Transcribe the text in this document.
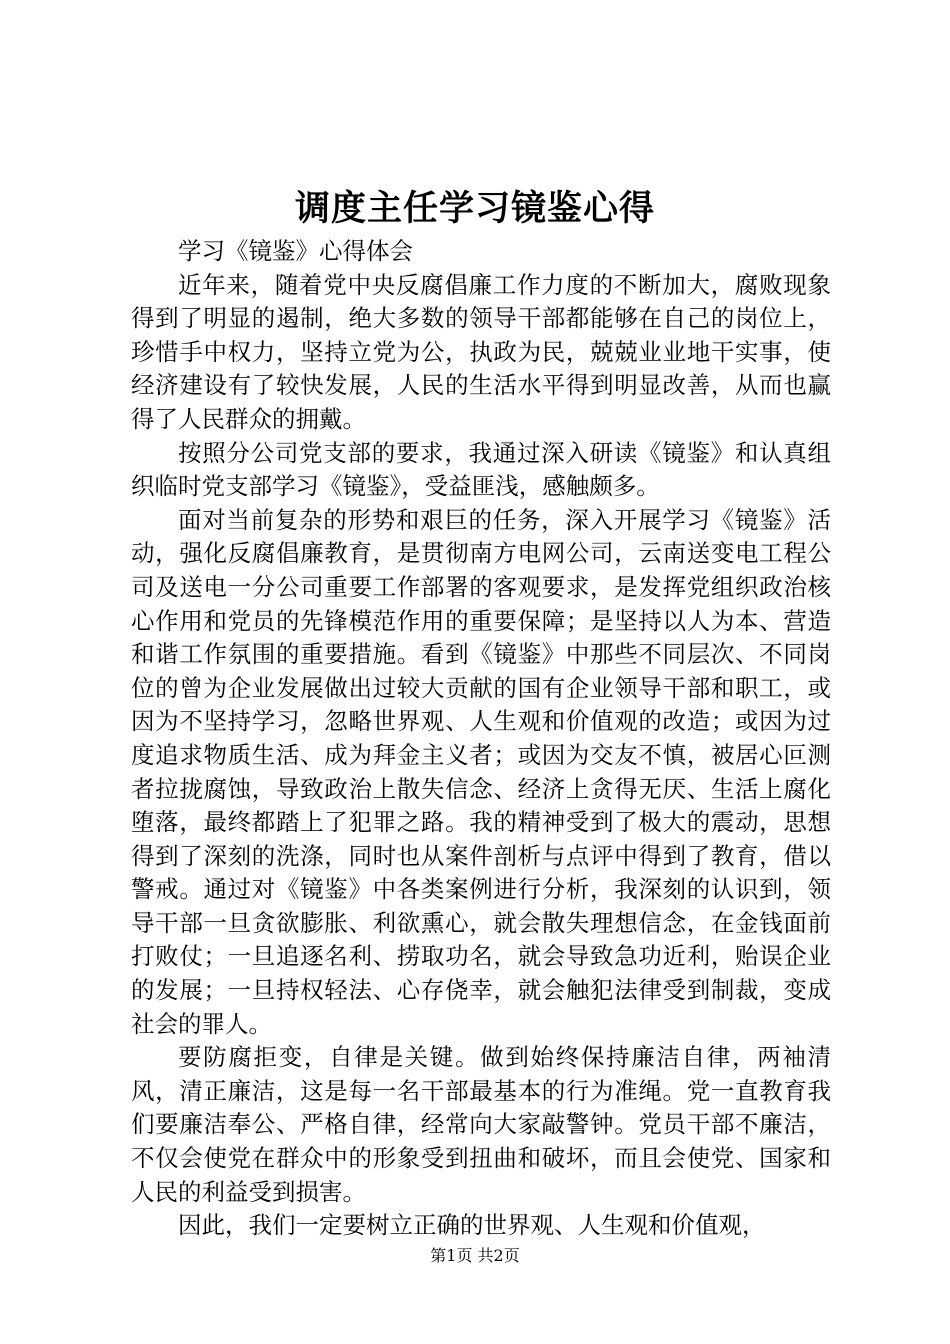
调度主任学习镜鉴心得

学习《镜鉴》心得体会

近年来，随着党中央反腐倡廉工作力度的不断加大，腐败现象得到了明显的遏制，绝大多数的领导干部都能够在自己的岗位上，珍惜手中权力，坚持立党为公，执政为民，兢兢业业地干实事，使经济建设有了较快发展，人民的生活水平得到明显改善，从而也赢得了人民群众的拥戴。

按照分公司党支部的要求，我通过深入研读《镜鉴》和认真组织临时党支部学习《镜鉴》，受益匪浅，感触颇多。

面对当前复杂的形势和艰巨的任务，深入开展学习《镜鉴》活动，强化反腐倡廉教育，是贯彻南方电网公司，云南送变电工程公司及送电一分公司重要工作部署的客观要求，是发挥党组织政治核心作用和党员的先锋模范作用的重要保障；是坚持以人为本、营造和谐工作氛围的重要措施。看到《镜鉴》中那些不同层次、不同岗位的曾为企业发展做出过较大贡献的国有企业领导干部和职工，或因为不坚持学习，忽略世界观、人生观和价值观的改造；或因为过度追求物质生活、成为拜金主义者；或因为交友不慎，被居心叵测者拉拢腐蚀，导致政治上散失信念、经济上贪得无厌、生活上腐化堕落，最终都踏上了犯罪之路。我的精神受到了极大的震动，思想得到了深刻的洗涤，同时也从案件剖析与点评中得到了教育，借以警戒。通过对《镜鉴》中各类案例进行分析，我深刻的认识到，领导干部一旦贪欲膨胀、利欲熏心，就会散失理想信念，在金钱面前打败仗；一旦追逐名利、捞取功名，就会导致急功近利，贻误企业的发展；一旦持权轻法、心存侥幸，就会触犯法律受到制裁，变成社会的罪人。

要防腐拒变，自律是关键。做到始终保持廉洁自律，两袖清风，清正廉洁，这是每一名干部最基本的行为准绳。党一直教育我们要廉洁奉公、严格自律，经常向大家敲警钟。党员干部不廉洁，不仅会使党在群众中的形象受到扭曲和破坏，而且会使党、国家和人民的利益受到损害。

因此，我们一定要树立正确的世界观、人生观和价值观，

第1页 共2页
